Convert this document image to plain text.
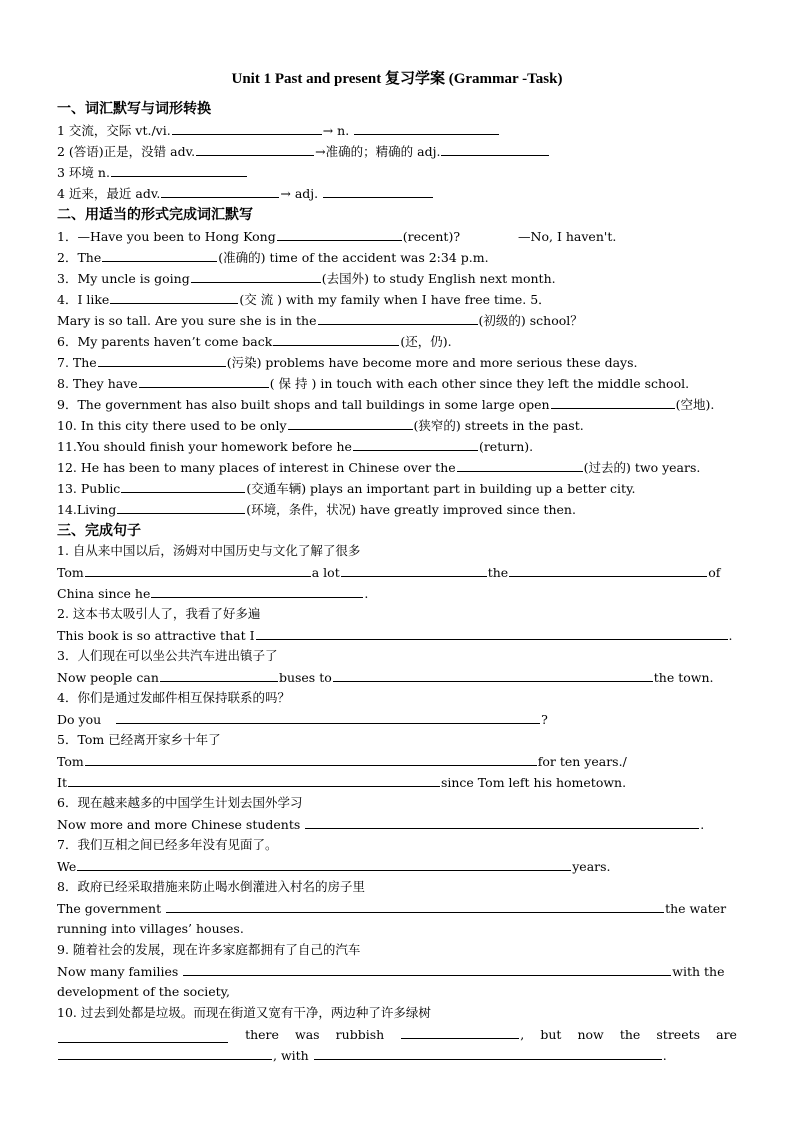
Unit 1 Past and present 复习学案 (Grammar -Task)
一、词汇默写与词形转换
1 交流，交际 vt./vi.	→ n.
2 (答语)正是，没错 adv.	→准确的；精确的 adj.
3 环境 n.
4 近来，最近 adv.	→ adj.
二、用适当的形式完成词汇默写
1．—Have you been to Hong Kong	(recent)?	—No, I haven't.
2．The	(准确的) time of the accident was 2:34 p.m.
3．My uncle is going	(去国外) to study English next month.
4．I like	(交 流 ) with my family when I have free time. 5．
Mary is so tall. Are you sure she is in the	(初级的) school？
6．My parents haven’t come back	(还，仍).
7. The	(污染) problems have become more and more serious these days.
8. They have	( 保 持 ) in touch with each other since they left the middle school.
9．The government has also built shops and tall buildings in some large open	(空地).
10. In this city there used to be only	(狭窄的) streets in the past.
11.You should finish your homework before he	(return).
12. He has been to many places of interest in Chinese over the	(过去的) two years.
13. Public	(交通车辆) plays an important part in building up a better city.
14.Living	(环境，条件，状况) have greatly improved since then.
三、完成句子
1. 自从来中国以后，汤姆对中国历史与文化了解了很多
Tom	a lot	the	of
China since he	.
2. 这本书太吸引人了，我看了好多遍
This book is so attractive that I	.
3．人们现在可以坐公共汽车进出镇子了
Now people can	buses to	the town.
4．你们是通过发邮件相互保持联系的吗？
Do you	?
5．Tom 已经离开家乡十年了
Tom	for ten years./
It	since Tom left his hometown.
6．现在越来越多的中国学生计划去国外学习
Now more and more Chinese students	.
7．我们互相之间已经多年没有见面了。
We	years.
8．政府已经采取措施来防止喝水倒灌进入村名的房子里
The government	the water
running into villages’ houses.
9. 随着社会的发展，现在许多家庭都拥有了自己的汽车
Now many families	with the
development of the society,
10. 过去到处都是垃圾。而现在街道又宽有干净，两边种了许多绿树
there was rubbish	, but now the streets are
, with	.
